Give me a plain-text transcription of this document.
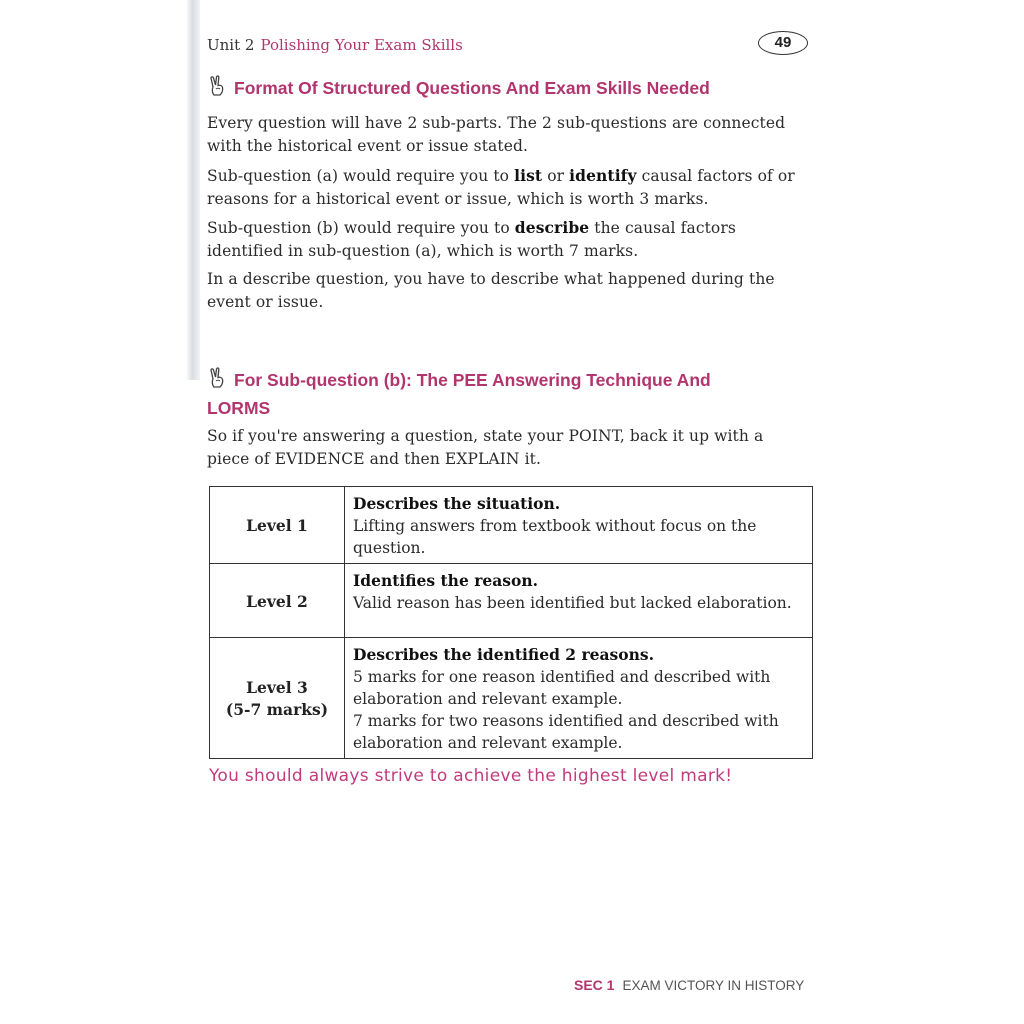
Unit 2 Polishing Your Exam Skills	49
Format Of Structured Questions And Exam Skills Needed

Every question will have 2 sub-parts. The 2 sub-questions are connected with the historical event or issue stated.

Sub-question (a) would require you to list or identify causal factors of or reasons for a historical event or issue, which is worth 3 marks.

Sub-question (b) would require you to describe the causal factors identified in sub-question (a), which is worth 7 marks.

In a describe question, you have to describe what happened during the event or issue.

For Sub-question (b): The PEE Answering Technique And
LORMS

So if you're answering a question, state your POINT, back it up with a piece of EVIDENCE and then EXPLAIN it.

Level 1	Describes the situation.
Lifting answers from textbook without focus on the question.
Level 2	Identifies the reason.
Valid reason has been identified but lacked elaboration.
Level 3
(5-7 marks)	Describes the identified 2 reasons.
5 marks for one reason identified and described with elaboration and relevant example.
7 marks for two reasons identified and described with elaboration and relevant example.
You should always strive to achieve the highest level mark!
SEC 1 EXAM VICTORY IN HISTORY
